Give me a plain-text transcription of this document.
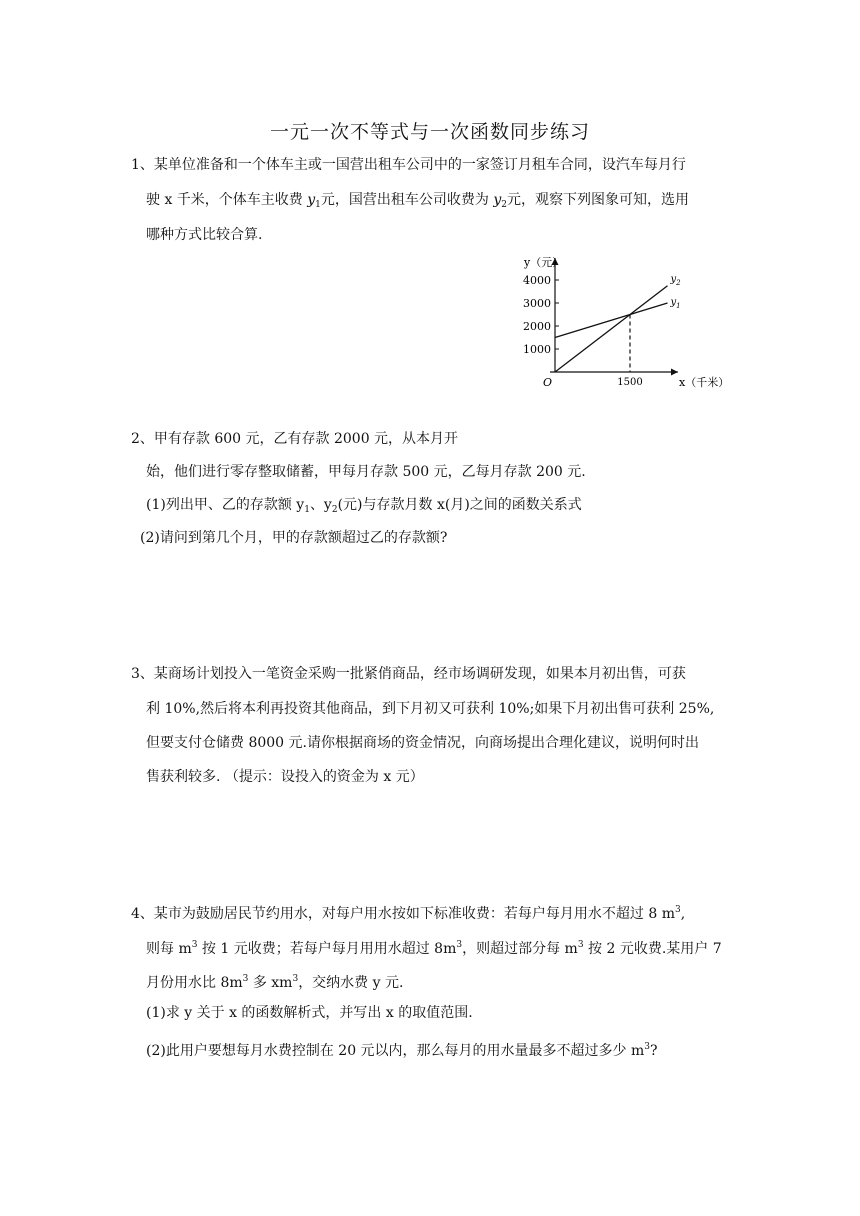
一元一次不等式与一次函数同步练习
1、某单位准备和一个体车主或一国营出租车公司中的一家签订月租车合同，设汽车每月行
驶 x 千米，个体车主收费 $y_1$元，国营出租车公司收费为 $y_2$元，观察下列图象可知，选用
哪种方式比较合算.
4000
3000
2000
1000
y（元）
x（千米）
O	1500
$y_2$
$y_1$
2、甲有存款 600 元，乙有存款 2000 元，从本月开
始，他们进行零存整取储蓄，甲每月存款 500 元，乙每月存款 200 元.
(1)列出甲、乙的存款额 $y_1$、$y_2$(元)与存款月数 x(月)之间的函数关系式
(2)请问到第几个月，甲的存款额超过乙的存款额?
3、某商场计划投入一笔资金采购一批紧俏商品，经市场调研发现，如果本月初出售，可获
利 10%,然后将本利再投资其他商品，到下月初又可获利 10%;如果下月初出售可获利 25%,
但要支付仓储费 8000 元.请你根据商场的资金情况，向商场提出合理化建议，说明何时出
售获利较多. （提示：设投入的资金为 x 元）
4、某市为鼓励居民节约用水，对每户用水按如下标准收费：若每户每月用水不超过 8 $m^3$,
则每 $m^3$ 按 1 元收费；若每户每月用用水超过 $8m^3$，则超过部分每 $m^3$ 按 2 元收费.某用户 7
月份用水比 $8m^3$ 多 $xm^3$，交纳水费 y 元.
(1)求 y 关于 x 的函数解析式，并写出 x 的取值范围.
(2)此用户要想每月水费控制在 20 元以内，那么每月的用水量最多不超过多少 $m^3$?
